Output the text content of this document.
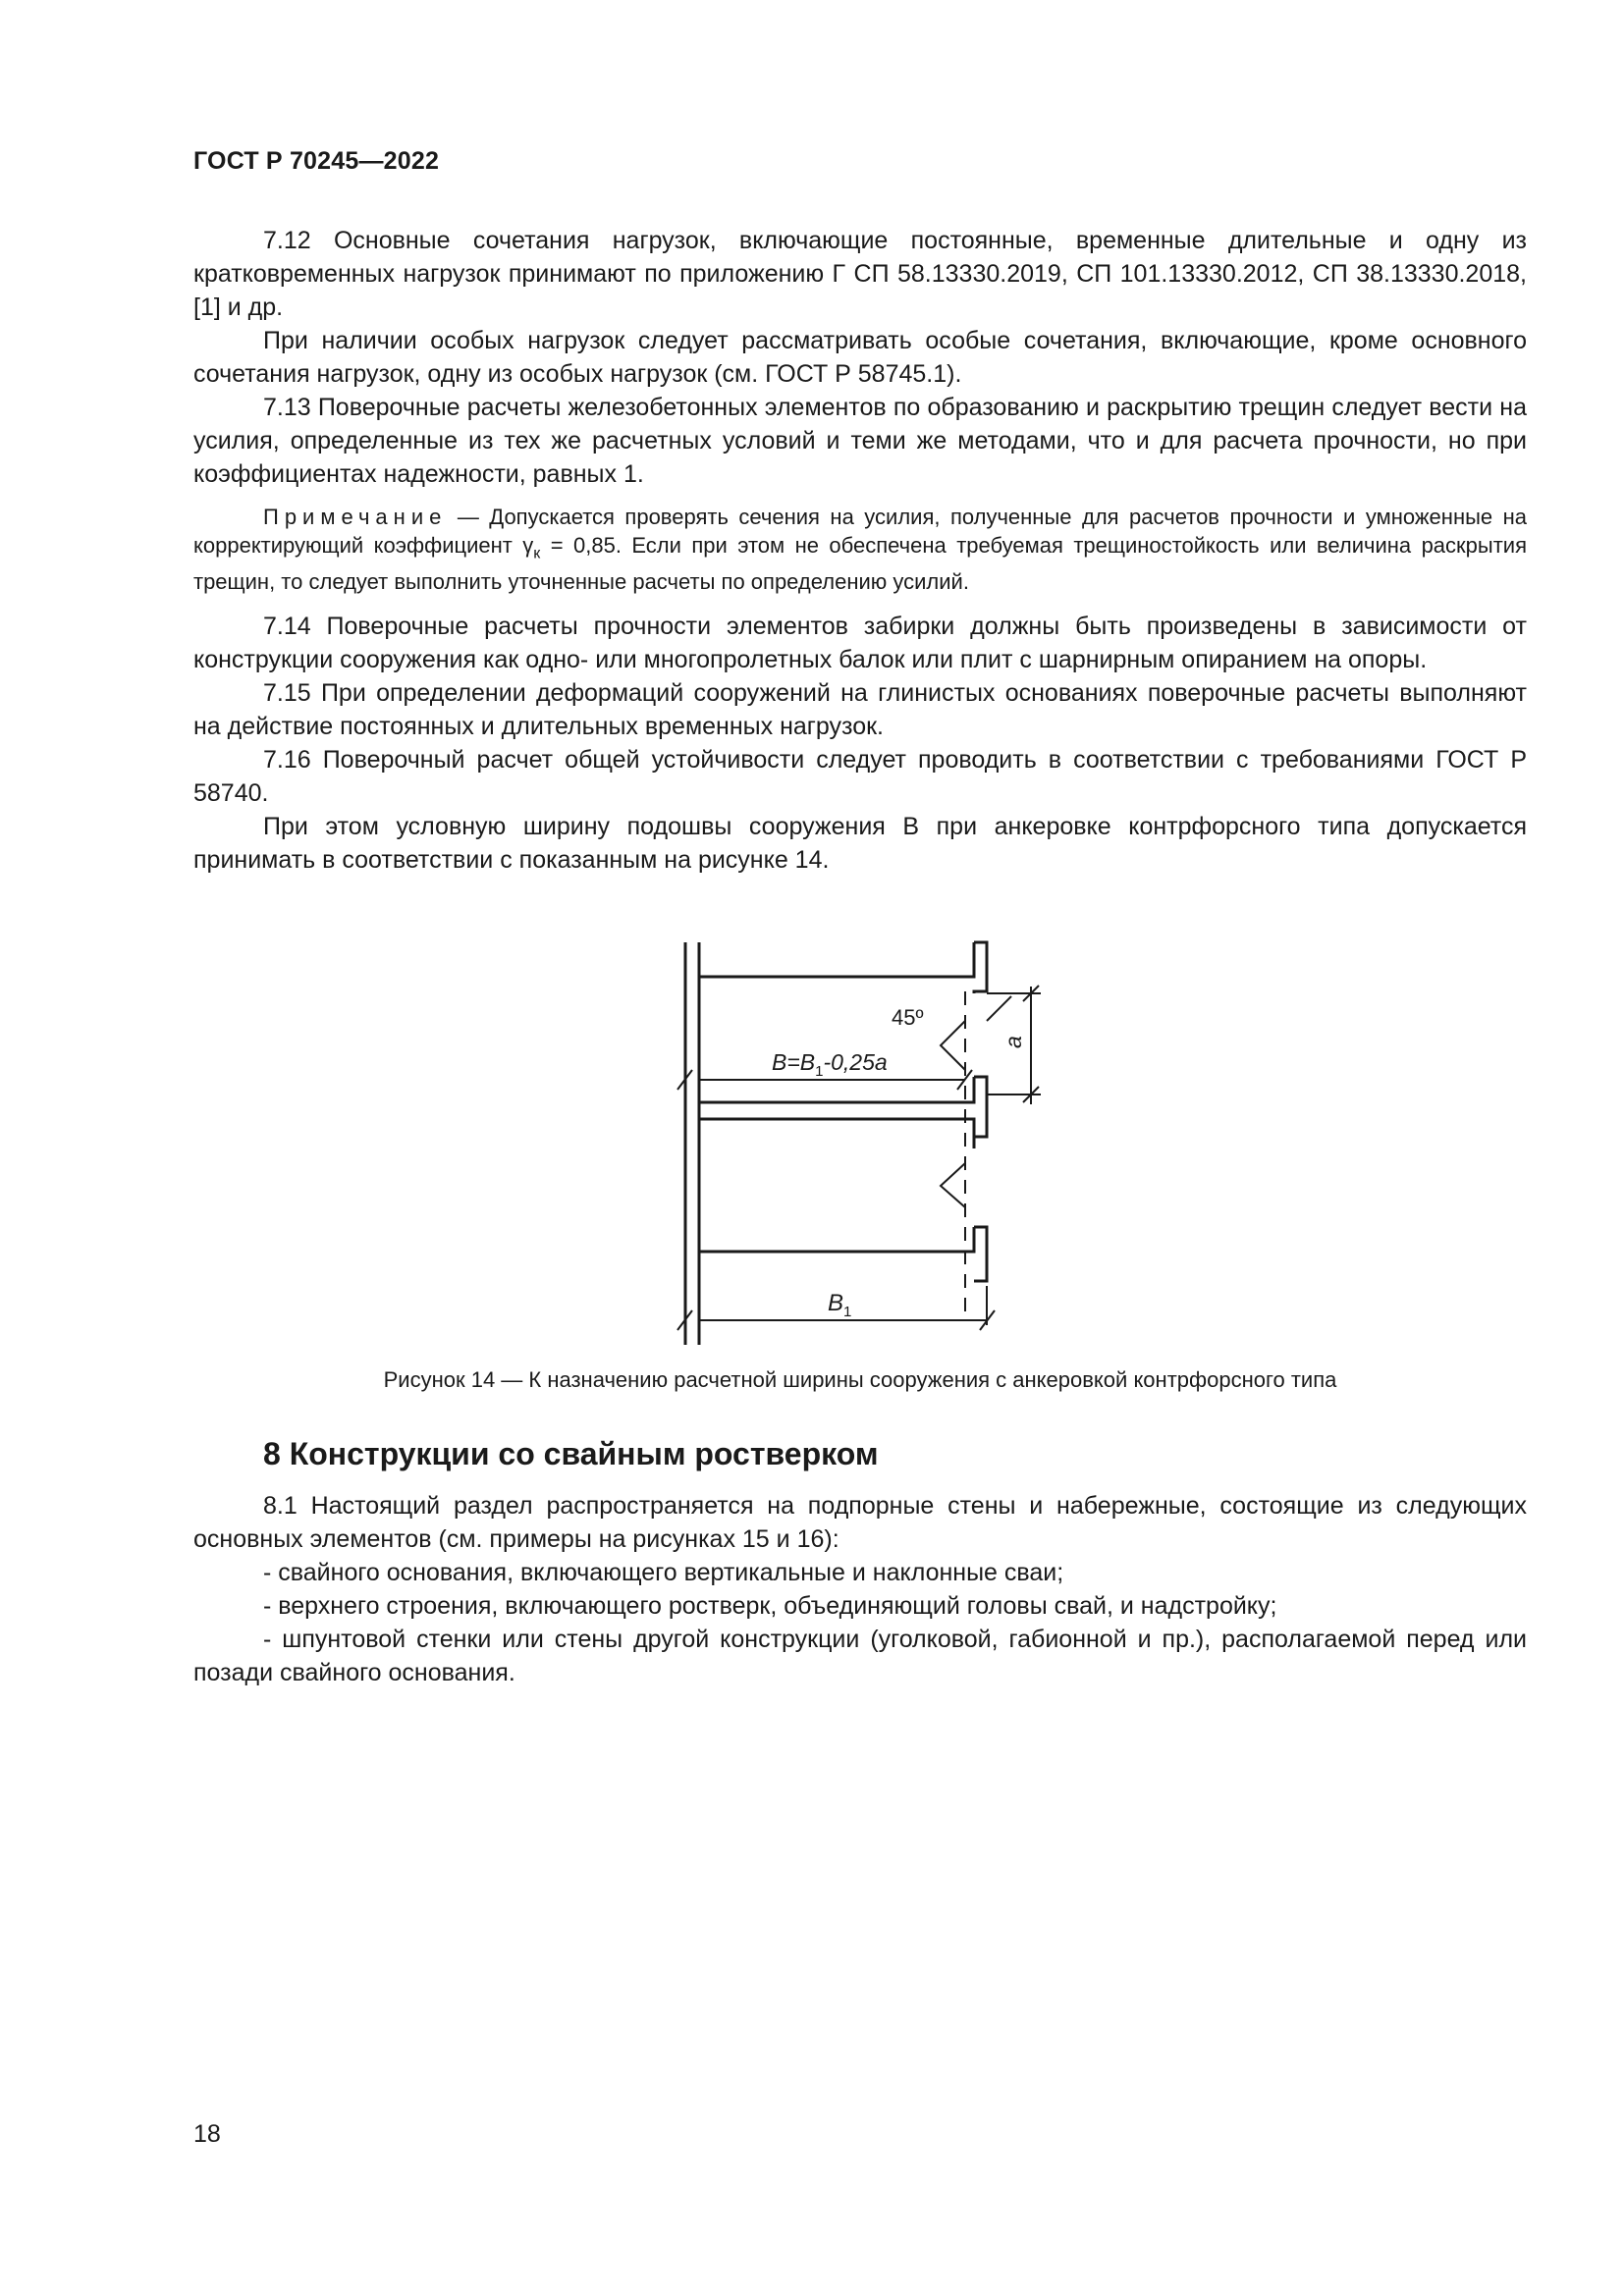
ГОСТ Р 70245—2022

7.12 Основные сочетания нагрузок, включающие постоянные, временные длительные и одну из кратковременных нагрузок принимают по приложению Г СП 58.13330.2019, СП 101.13330.2012, СП 38.13330.2018, [1] и др.

При наличии особых нагрузок следует рассматривать особые сочетания, включающие, кроме основного сочетания нагрузок, одну из особых нагрузок (см. ГОСТ Р 58745.1).

7.13 Поверочные расчеты железобетонных элементов по образованию и раскрытию трещин следует вести на усилия, определенные из тех же расчетных условий и теми же методами, что и для расчета прочности, но при коэффициентах надежности, равных 1.

Примечание — Допускается проверять сечения на усилия, полученные для расчетов прочности и умноженные на корректирующий коэффициент $\gamma_к = 0,85$. Если при этом не обеспечена требуемая трещиностойкость или величина раскрытия трещин, то следует выполнить уточненные расчеты по определению усилий.

7.14 Поверочные расчеты прочности элементов забирки должны быть произведены в зависимости от конструкции сооружения как одно- или многопролетных балок или плит с шарнирным опиранием на опоры.

7.15 При определении деформаций сооружений на глинистых основаниях поверочные расчеты выполняют на действие постоянных и длительных временных нагрузок.

7.16 Поверочный расчет общей устойчивости следует проводить в соответствии с требованиями ГОСТ Р 58740.

При этом условную ширину подошвы сооружения В при анкеровке контрфорсного типа допускается принимать в соответствии с показанным на рисунке 14.

45º
$B=B_1-0,25a$
a
$B_1$
Рисунок 14 — К назначению расчетной ширины сооружения с анкеровкой контрфорсного типа
8 Конструкции со свайным ростверком

8.1 Настоящий раздел распространяется на подпорные стены и набережные, состоящие из следующих основных элементов (см. примеры на рисунках 15 и 16):

- свайного основания, включающего вертикальные и наклонные сваи;

- верхнего строения, включающего ростверк, объединяющий головы свай, и надстройку;

- шпунтовой стенки или стены другой конструкции (уголковой, габионной и пр.), располагаемой перед или позади свайного основания.

18
